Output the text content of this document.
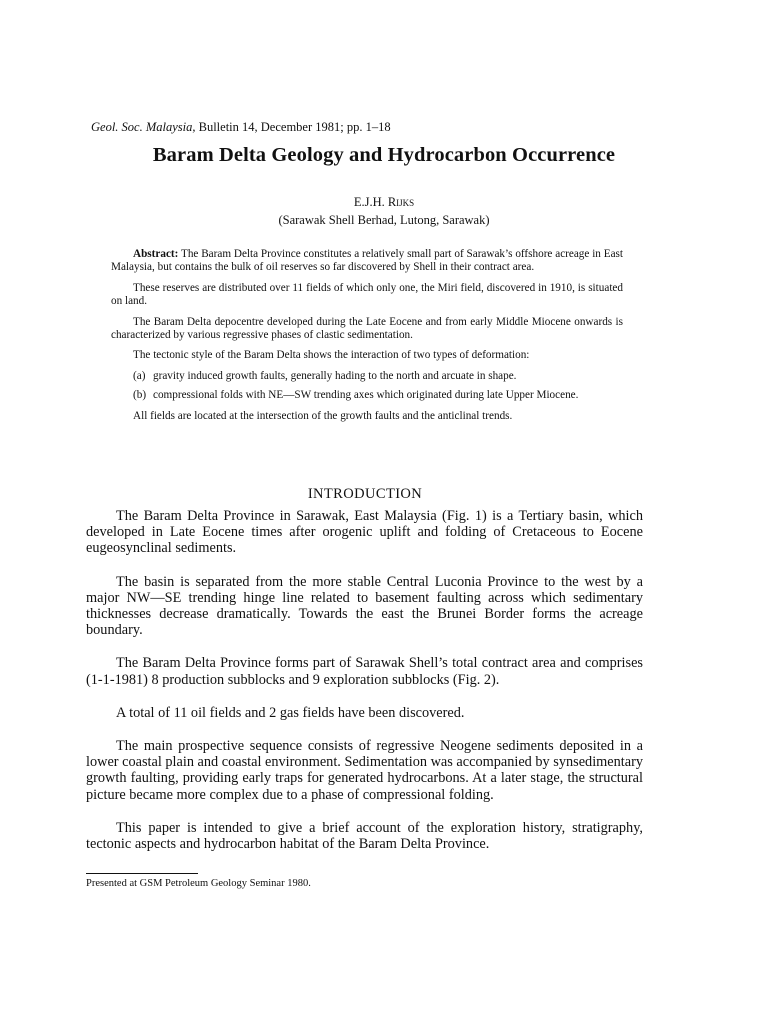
Geol. Soc. Malaysia, Bulletin 14, December 1981; pp. 1–18
Baram Delta Geology and Hydrocarbon Occurrence
E.J.H. Rijks
(Sarawak Shell Berhad, Lutong, Sarawak)

Abstract: The Baram Delta Province constitutes a relatively small part of Sarawak’s offshore acreage in East Malaysia, but contains the bulk of oil reserves so far discovered by Shell in their contract area.

These reserves are distributed over 11 fields of which only one, the Miri field, discovered in 1910, is situated on land.

The Baram Delta depocentre developed during the Late Eocene and from early Middle Miocene onwards is characterized by various regressive phases of clastic sedimentation.

The tectonic style of the Baram Delta shows the interaction of two types of deformation:

(a) gravity induced growth faults, generally hading to the north and arcuate in shape.
(b) compressional folds with NE—SW trending axes which originated during late Upper Miocene.

All fields are located at the intersection of the growth faults and the anticlinal trends.

INTRODUCTION

The Baram Delta Province in Sarawak, East Malaysia (Fig. 1) is a Tertiary basin, which developed in Late Eocene times after orogenic uplift and folding of Cretaceous to Eocene eugeosynclinal sediments.

The basin is separated from the more stable Central Luconia Province to the west by a major NW—SE trending hinge line related to basement faulting across which sedimentary thicknesses decrease dramatically. Towards the east the Brunei Border forms the acreage boundary.

The Baram Delta Province forms part of Sarawak Shell’s total contract area and comprises (1-1-1981) 8 production subblocks and 9 exploration subblocks (Fig. 2).

A total of 11 oil fields and 2 gas fields have been discovered.

The main prospective sequence consists of regressive Neogene sediments deposited in a lower coastal plain and coastal environment. Sedimentation was accompanied by synsedimentary growth faulting, providing early traps for generated hydrocarbons. At a later stage, the structural picture became more complex due to a phase of compressional folding.

This paper is intended to give a brief account of the exploration history, stratigraphy, tectonic aspects and hydrocarbon habitat of the Baram Delta Province.

Presented at GSM Petroleum Geology Seminar 1980.
